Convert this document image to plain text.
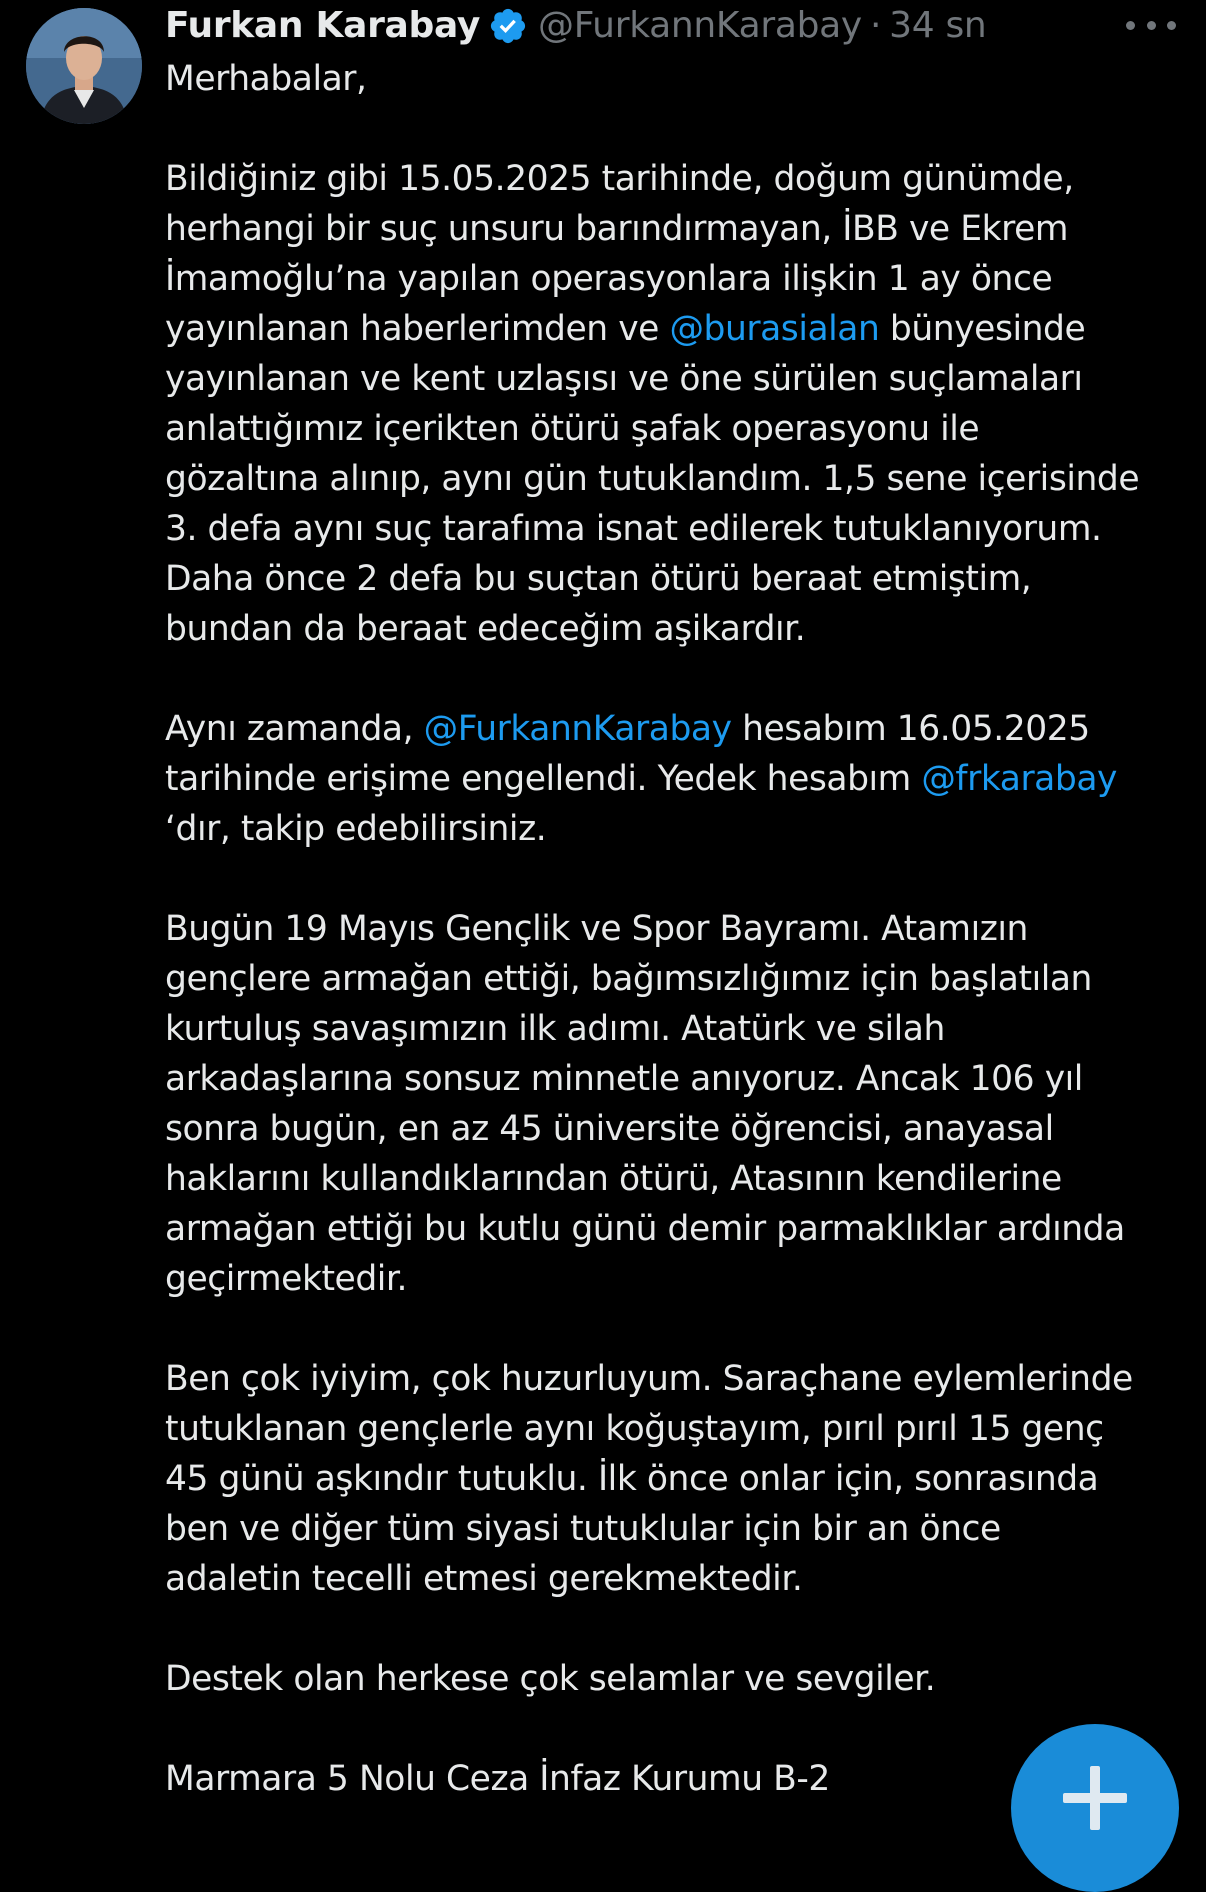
Furkan Karabay @FurkannKarabay · 34 sn
Merhabalar,
Bildiğiniz gibi 15.05.2025 tarihinde, doğum günümde,
herhangi bir suç unsuru barındırmayan, İBB ve Ekrem
İmamoğlu’na yapılan operasyonlara ilişkin 1 ay önce
yayınlanan haberlerimden ve @burasialan bünyesinde
yayınlanan ve kent uzlaşısı ve öne sürülen suçlamaları
anlattığımız içerikten ötürü şafak operasyonu ile
gözaltına alınıp, aynı gün tutuklandım. 1,5 sene içerisinde
3. defa aynı suç tarafıma isnat edilerek tutuklanıyorum.
Daha önce 2 defa bu suçtan ötürü beraat etmiştim,
bundan da beraat edeceğim aşikardır.
Aynı zamanda, @FurkannKarabay hesabım 16.05.2025
tarihinde erişime engellendi. Yedek hesabım @frkarabay
‘dır, takip edebilirsiniz.
Bugün 19 Mayıs Gençlik ve Spor Bayramı. Atamızın
gençlere armağan ettiği, bağımsızlığımız için başlatılan
kurtuluş savaşımızın ilk adımı. Atatürk ve silah
arkadaşlarına sonsuz minnetle anıyoruz. Ancak 106 yıl
sonra bugün, en az 45 üniversite öğrencisi, anayasal
haklarını kullandıklarından ötürü, Atasının kendilerine
armağan ettiği bu kutlu günü demir parmaklıklar ardında
geçirmektedir.
Ben çok iyiyim, çok huzurluyum. Saraçhane eylemlerinde
tutuklanan gençlerle aynı koğuştayım, pırıl pırıl 15 genç
45 günü aşkındır tutuklu. İlk önce onlar için, sonrasında
ben ve diğer tüm siyasi tutuklular için bir an önce
adaletin tecelli etmesi gerekmektedir.
Destek olan herkese çok selamlar ve sevgiler.
Marmara 5 Nolu Ceza İnfaz Kurumu B-2
